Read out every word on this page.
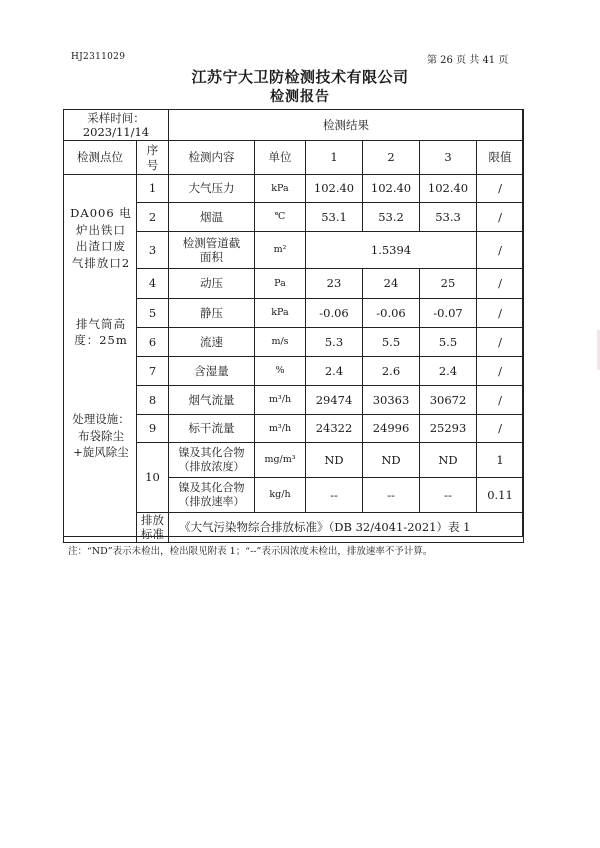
HJ2311029	第 26 页 共 41 页
江苏宁大卫防检测技术有限公司
检测报告
采样时间：
2023/11/14		检测结果					
检测点位	序号	检测内容	单位	1	2	3	限值

DA006 电炉出铁口出渣口废气排放口2
排气筒高度：25m
处理设施：布袋除尘+旋风除尘	1	大气压力	kPa	102.40	102.40	102.40	/
	2	烟温	℃	53.1	53.2	53.3	/
	3	检测管道截面积	m²	1.5394			/
	4	动压	Pa	23	24	25	/
	5	静压	kPa	-0.06	-0.06	-0.07	/
	6	流速	m/s	5.3	5.5	5.5	/
	7	含湿量	%	2.4	2.6	2.4	/
	8	烟气流量	m³/h	29474	30363	30672	/
	9	标干流量	m³/h	24322	24996	25293	/
	10	镍及其化合物（排放浓度）	mg/m³	ND	ND	ND	1
		镍及其化合物（排放速率）	kg/h	--	--	--	0.11
	排放标准	《大气污染物综合排放标准》（DB 32/4041-2021）表 1					
注：“ND”表示未检出，检出限见附表 1；“--”表示因浓度未检出，排放速率不予计算。
